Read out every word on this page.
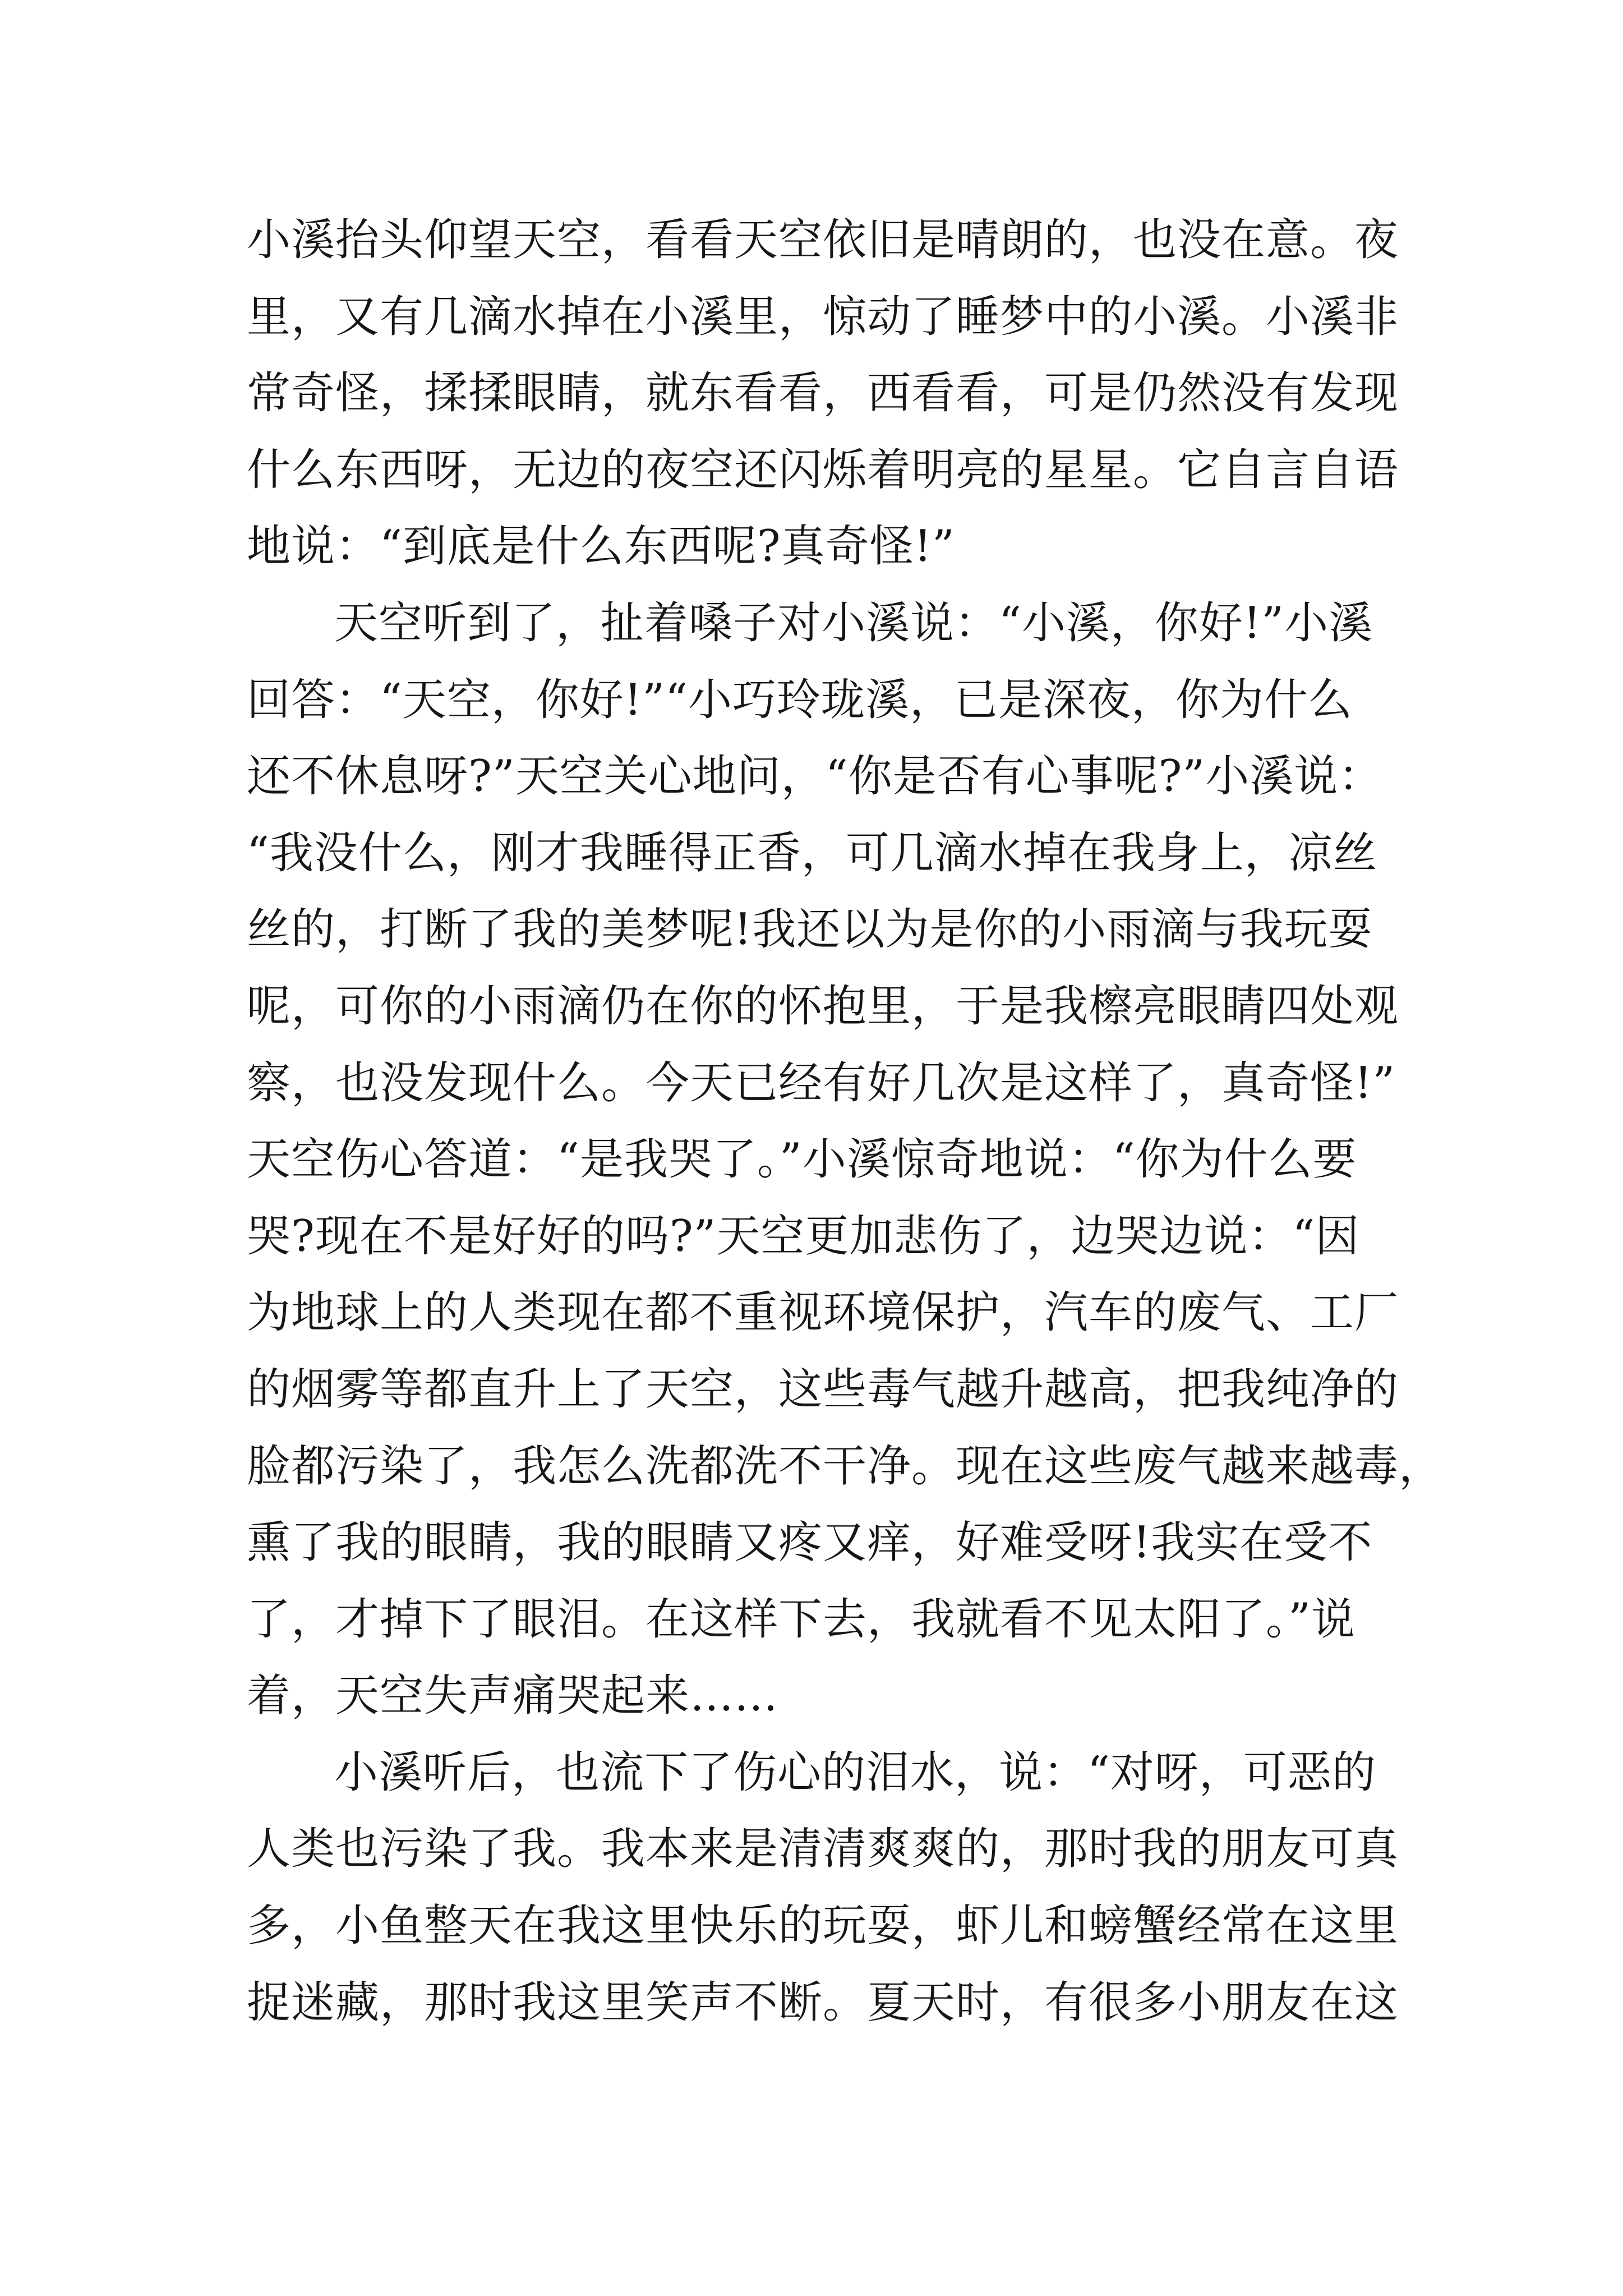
小溪抬头仰望天空，看看天空依旧是晴朗的，也没在意。夜
里，又有几滴水掉在小溪里，惊动了睡梦中的小溪。小溪非
常奇怪，揉揉眼睛，就东看看，西看看，可是仍然没有发现
什么东西呀，无边的夜空还闪烁着明亮的星星。它自言自语
地说：“到底是什么东西呢?真奇怪!”
天空听到了，扯着嗓子对小溪说：“小溪，你好!”小溪
回答：“天空，你好!”“小巧玲珑溪，已是深夜，你为什么
还不休息呀?”天空关心地问，“你是否有心事呢?”小溪说：
“我没什么，刚才我睡得正香，可几滴水掉在我身上，凉丝
丝的，打断了我的美梦呢!我还以为是你的小雨滴与我玩耍
呢，可你的小雨滴仍在你的怀抱里，于是我檫亮眼睛四处观
察，也没发现什么。今天已经有好几次是这样了，真奇怪!”
天空伤心答道：“是我哭了。”小溪惊奇地说：“你为什么要
哭?现在不是好好的吗?”天空更加悲伤了，边哭边说：“因
为地球上的人类现在都不重视环境保护，汽车的废气、工厂
的烟雾等都直升上了天空，这些毒气越升越高，把我纯净的
脸都污染了，我怎么洗都洗不干净。现在这些废气越来越毒，
熏了我的眼睛，我的眼睛又疼又痒，好难受呀!我实在受不
了，才掉下了眼泪。在这样下去，我就看不见太阳了。”说
着，天空失声痛哭起来……
小溪听后，也流下了伤心的泪水，说：“对呀，可恶的
人类也污染了我。我本来是清清爽爽的，那时我的朋友可真
多，小鱼整天在我这里快乐的玩耍，虾儿和螃蟹经常在这里
捉迷藏，那时我这里笑声不断。夏天时，有很多小朋友在这
